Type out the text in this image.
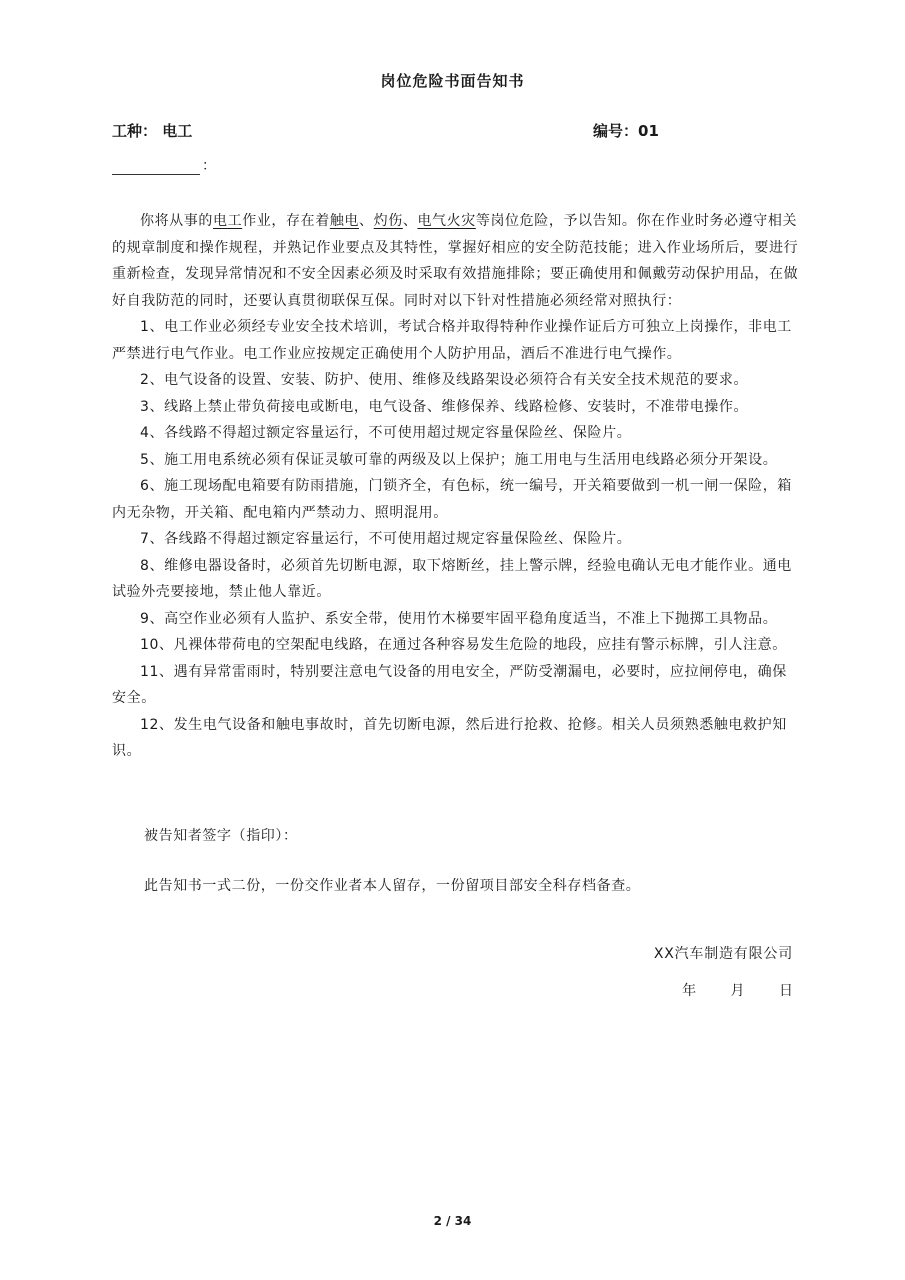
岗位危险书面告知书
工种： 电工	编号：01
：

你将从事的电工作业，存在着触电、灼伤、电气火灾等岗位危险，予以告知。你在作业时务必遵守相关的规章制度和操作规程，并熟记作业要点及其特性，掌握好相应的安全防范技能；进入作业场所后，要进行重新检查，发现异常情况和不安全因素必须及时采取有效措施排除；要正确使用和佩戴劳动保护用品，在做好自我防范的同时，还要认真贯彻联保互保。同时对以下针对性措施必须经常对照执行：

1、电工作业必须经专业安全技术培训，考试合格并取得特种作业操作证后方可独立上岗操作，非电工严禁进行电气作业。电工作业应按规定正确使用个人防护用品，酒后不准进行电气操作。

2、电气设备的设置、安装、防护、使用、维修及线路架设必须符合有关安全技术规范的要求。

3、线路上禁止带负荷接电或断电，电气设备、维修保养、线路检修、安装时，不准带电操作。

4、各线路不得超过额定容量运行，不可使用超过规定容量保险丝、保险片。

5、施工用电系统必须有保证灵敏可靠的两级及以上保护；施工用电与生活用电线路必须分开架设。

6、施工现场配电箱要有防雨措施，门锁齐全，有色标，统一编号，开关箱要做到一机一闸一保险，箱内无杂物，开关箱、配电箱内严禁动力、照明混用。

7、各线路不得超过额定容量运行，不可使用超过规定容量保险丝、保险片。

8、维修电器设备时，必须首先切断电源，取下熔断丝，挂上警示牌，经验电确认无电才能作业。通电试验外壳要接地，禁止他人靠近。

9、高空作业必须有人监护、系安全带，使用竹木梯要牢固平稳角度适当，不准上下抛掷工具物品。

10、凡裸体带荷电的空架配电线路，在通过各种容易发生危险的地段，应挂有警示标牌，引人注意。

11、遇有异常雷雨时，特别要注意电气设备的用电安全，严防受潮漏电，必要时，应拉闸停电，确保安全。

12、发生电气设备和触电事故时，首先切断电源，然后进行抢救、抢修。相关人员须熟悉触电救护知识。

被告知者签字（指印）：
此告知书一式二份，一份交作业者本人留存，一份留项目部安全科存档备查。
XX汽车制造有限公司
年 月 日
2 / 34
